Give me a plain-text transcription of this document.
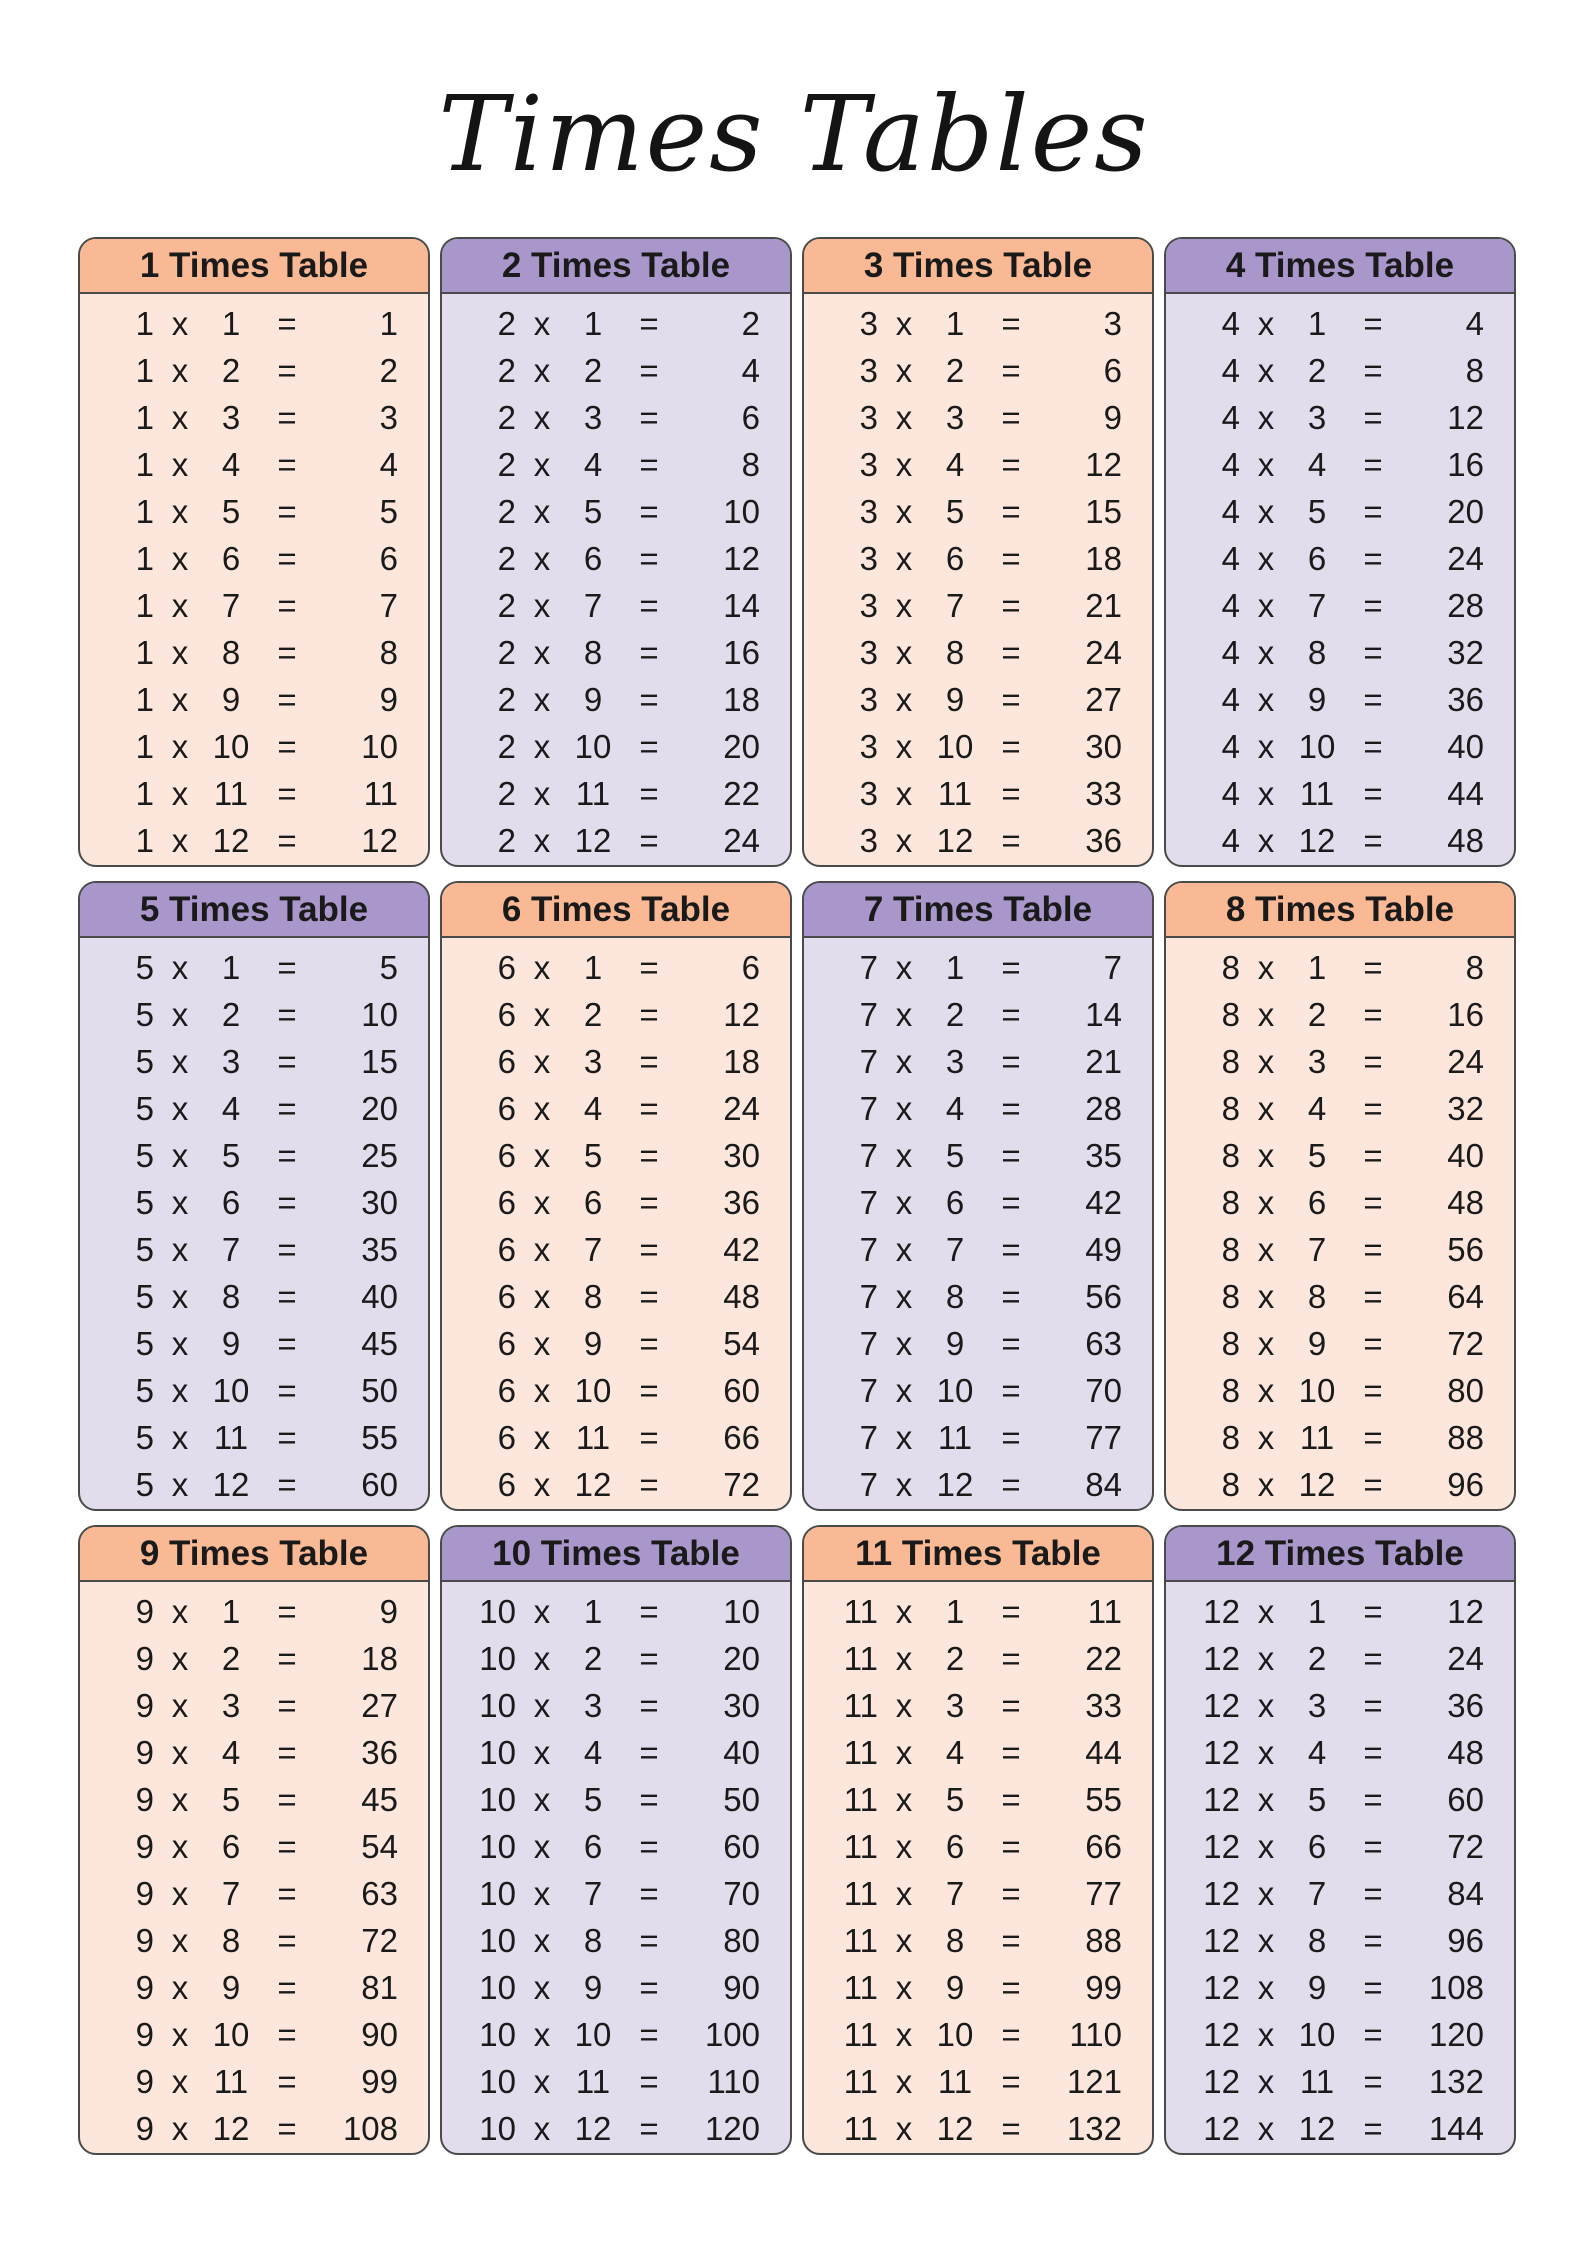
Times Tables
1 Times Table
1 x	1	=	1
1 x	2	=	2
1 x	3	=	3
1 x	4	=	4
1 x	5	=	5
1 x	6	=	6
1 x	7	=	7
1 x	8	=	8
1 x	9	=	9
1 x 10 =	10
1 x 11 =	11
1 x 12 =	12
2 Times Table
2 x	1	=	2
2 x	2	=	4
2 x	3	=	6
2 x	4	=	8
2 x	5	=	10
2 x	6	=	12
2 x	7	=	14
2 x	8	=	16
2 x	9	=	18
2 x 10 =	20
2 x 11 =	22
2 x 12 =	24
3 Times Table
3 x	1	=	3
3 x	2	=	6
3 x	3	=	9
3 x	4	=	12
3 x	5	=	15
3 x	6	=	18
3 x	7	=	21
3 x	8	=	24
3 x	9	=	27
3 x 10 =	30
3 x 11 =	33
3 x 12 =	36
4 Times Table
4 x	1	=	4
4 x	2	=	8
4 x	3	=	12
4 x	4	=	16
4 x	5	=	20
4 x	6	=	24
4 x	7	=	28
4 x	8	=	32
4 x	9	=	36
4 x 10 =	40
4 x 11 =	44
4 x 12 =	48
5 Times Table
5 x	1	=	5
5 x	2	=	10
5 x	3	=	15
5 x	4	=	20
5 x	5	=	25
5 x	6	=	30
5 x	7	=	35
5 x	8	=	40
5 x	9	=	45
5 x 10 =	50
5 x 11 =	55
5 x 12 =	60
6 Times Table
6 x	1	=	6
6 x	2	=	12
6 x	3	=	18
6 x	4	=	24
6 x	5	=	30
6 x	6	=	36
6 x	7	=	42
6 x	8	=	48
6 x	9	=	54
6 x 10 =	60
6 x 11 =	66
6 x 12 =	72
7 Times Table
7 x	1	=	7
7 x	2	=	14
7 x	3	=	21
7 x	4	=	28
7 x	5	=	35
7 x	6	=	42
7 x	7	=	49
7 x	8	=	56
7 x	9	=	63
7 x 10 =	70
7 x 11 =	77
7 x 12 =	84
8 Times Table
8 x	1	=	8
8 x	2	=	16
8 x	3	=	24
8 x	4	=	32
8 x	5	=	40
8 x	6	=	48
8 x	7	=	56
8 x	8	=	64
8 x	9	=	72
8 x 10 =	80
8 x 11 =	88
8 x 12 =	96
9 Times Table
9 x	1	=	9
9 x	2	=	18
9 x	3	=	27
9 x	4	=	36
9 x	5	=	45
9 x	6	=	54
9 x	7	=	63
9 x	8	=	72
9 x	9	=	81
9 x 10 =	90
9 x 11 =	99
9 x 12 =	108
10 Times Table
10 x	1	=	10
10 x	2	=	20
10 x	3	=	30
10 x	4	=	40
10 x	5	=	50
10 x	6	=	60
10 x	7	=	70
10 x	8	=	80
10 x	9	=	90
10 x 10 =	100
10 x 11 =	110
10 x 12 =	120
11 Times Table
11 x	1	=	11
11 x	2	=	22
11 x	3	=	33
11 x	4	=	44
11 x	5	=	55
11 x	6	=	66
11 x	7	=	77
11 x	8	=	88
11 x	9	=	99
11 x 10 =	110
11 x 11 =	121
11 x 12 =	132
12 Times Table
12 x	1	=	12
12 x	2	=	24
12 x	3	=	36
12 x	4	=	48
12 x	5	=	60
12 x	6	=	72
12 x	7	=	84
12 x	8	=	96
12 x	9	=	108
12 x 10 =	120
12 x 11 =	132
12 x 12 =	144
